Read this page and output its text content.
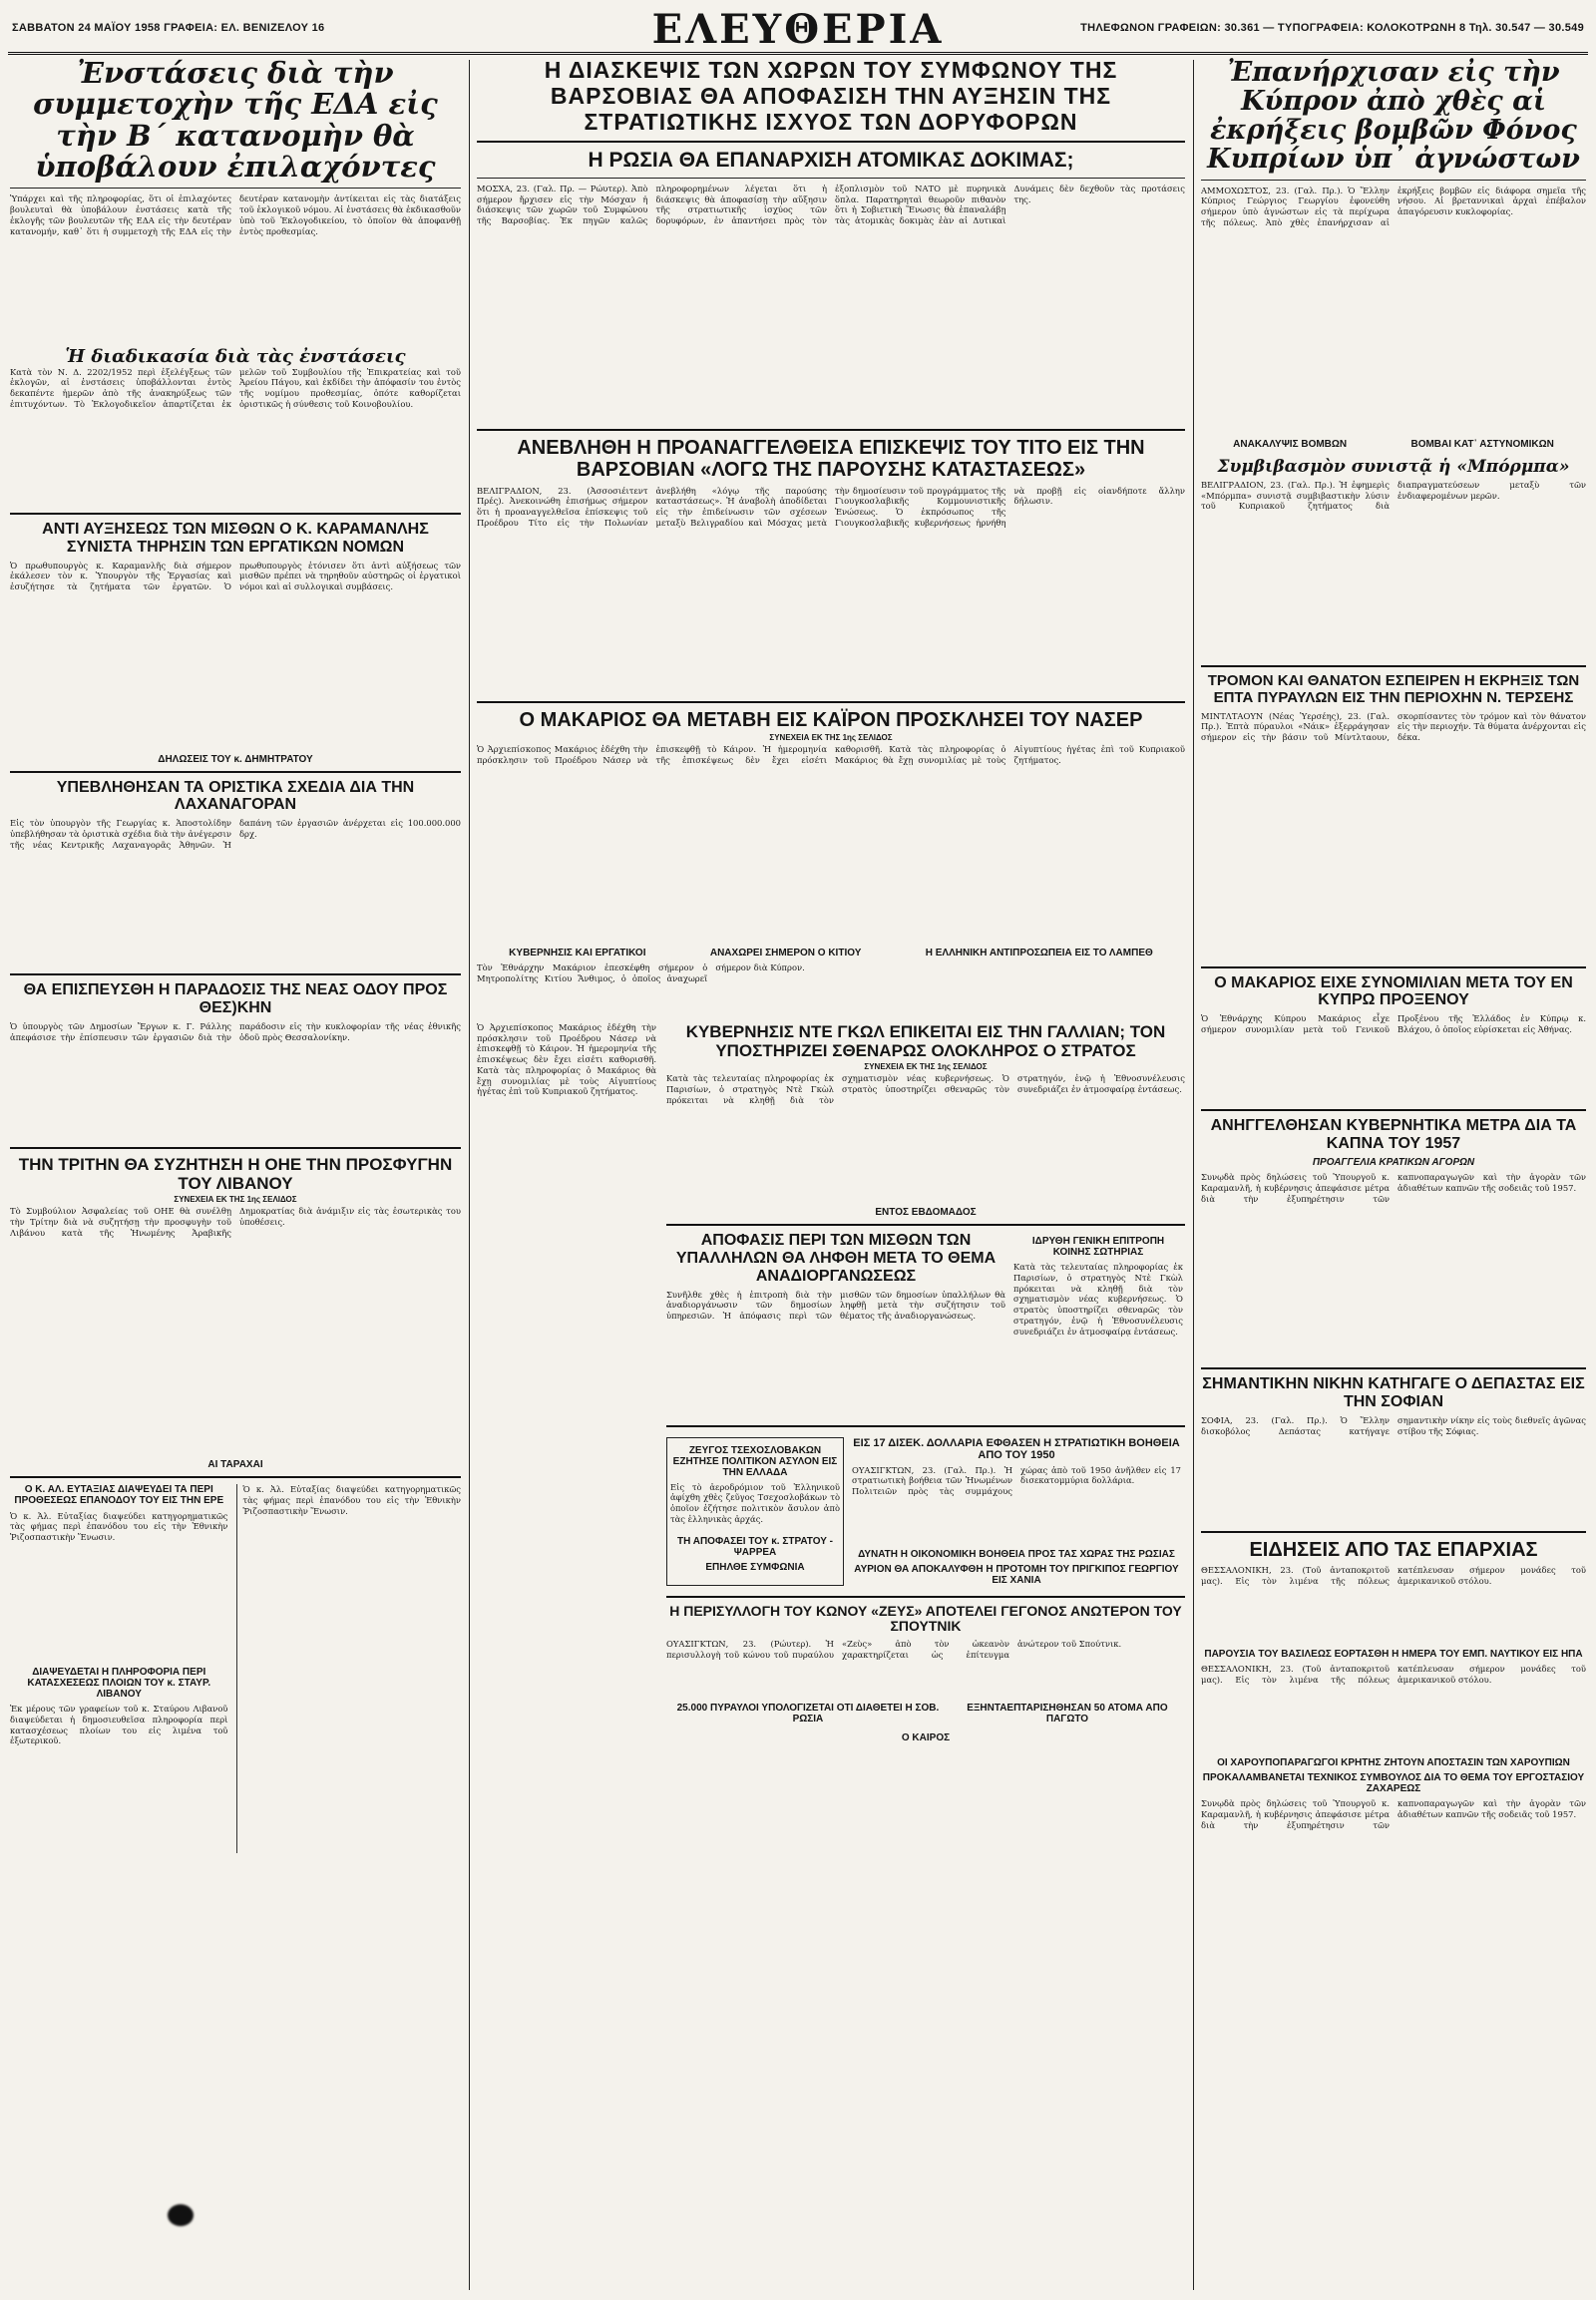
ΣΑΒΒΑΤΟΝ 24 ΜΑΪΟΥ 1958 ΓΡΑΦΕΙΑ: ΕΛ. ΒΕΝΙΖΕΛΟΥ 16	ΕΛΕΥΘΕΡΙΑ	ΤΗΛΕΦΩΝΟΝ ΓΡΑΦΕΙΩΝ: 30.361 — ΤΥΠΟΓΡΑΦΕΙΑ: ΚΟΛΟΚΟΤΡΩΝΗ 8 Τηλ. 30.547 — 30.549
Ἐνστάσεις διὰ τὴν συμμετοχὴν τῆς ΕΔΑ εἰς τὴν Β΄ κατανομὴν θὰ ὑποβάλουν ἐπιλαχόντες

Ὑπάρχει καὶ τῆς πληροφορίας, ὅτι οἱ ἐπιλαχόντες βουλευταὶ θὰ ὑποβάλουν ἐνστάσεις κατὰ τῆς ἐκλογῆς τῶν βουλευτῶν τῆς ΕΔΑ εἰς τὴν δευτέραν κατανομήν, καθ᾽ ὅτι ἡ συμμετοχὴ τῆς ΕΔΑ εἰς τὴν δευτέραν κατανομὴν ἀντίκειται εἰς τὰς διατάξεις τοῦ ἐκλογικοῦ νόμου. Αἱ ἐνστάσεις θὰ ἐκδικασθοῦν ὑπὸ τοῦ Ἐκλογοδικείου, τὸ ὁποῖον θὰ ἀποφανθῇ ἐντὸς προθεσμίας.

Ἡ διαδικασία διὰ τὰς ἐνστάσεις

Κατὰ τὸν Ν. Δ. 2202/1952 περὶ ἐξελέγξεως τῶν ἐκλογῶν, αἱ ἐνστάσεις ὑποβάλλονται ἐντὸς δεκαπέντε ἡμερῶν ἀπὸ τῆς ἀνακηρύξεως τῶν ἐπιτυχόντων. Τὸ Ἐκλογοδικεῖον ἀπαρτίζεται ἐκ μελῶν τοῦ Συμβουλίου τῆς Ἐπικρατείας καὶ τοῦ Ἀρείου Πάγου, καὶ ἐκδίδει τὴν ἀπόφασίν του ἐντὸς τῆς νομίμου προθεσμίας, ὁπότε καθορίζεται ὁριστικῶς ἡ σύνθεσις τοῦ Κοινοβουλίου.

ΑΝΤΙ ΑΥΞΗΣΕΩΣ ΤΩΝ ΜΙΣΘΩΝ Ο Κ. ΚΑΡΑΜΑΝΛΗΣ ΣΥΝΙΣΤΑ ΤΗΡΗΣΙΝ ΤΩΝ ΕΡΓΑΤΙΚΩΝ ΝΟΜΩΝ

Ὁ πρωθυπουργὸς κ. Καραμανλῆς διὰ σήμερον ἐκάλεσεν τὸν κ. Ὑπουργὸν τῆς Ἐργασίας καὶ ἐσυζήτησε τὰ ζητήματα τῶν ἐργατῶν. Ὁ πρωθυπουργὸς ἐτόνισεν ὅτι ἀντὶ αὐξήσεως τῶν μισθῶν πρέπει νὰ τηρηθοῦν αὐστηρῶς οἱ ἐργατικοὶ νόμοι καὶ αἱ συλλογικαὶ συμβάσεις.

ΔΗΛΩΣΕΙΣ ΤΟΥ κ. ΔΗΜΗΤΡΑΤΟΥ
ΥΠΕΒΛΗΘΗΣΑΝ ΤΑ ΟΡΙΣΤΙΚΑ ΣΧΕΔΙΑ ΔΙΑ ΤΗΝ ΛΑΧΑΝΑΓΟΡΑΝ

Εἰς τὸν ὑπουργὸν τῆς Γεωργίας κ. Ἀποστολίδην ὑπεβλήθησαν τὰ ὁριστικὰ σχέδια διὰ τὴν ἀνέγερσιν τῆς νέας Κεντρικῆς Λαχαναγορᾶς Ἀθηνῶν. Ἡ δαπάνη τῶν ἐργασιῶν ἀνέρχεται εἰς 100.000.000 δρχ.

ΘΑ ΕΠΙΣΠΕΥΣΘΗ Η ΠΑΡΑΔΟΣΙΣ ΤΗΣ ΝΕΑΣ ΟΔΟΥ ΠΡΟΣ ΘΕΣ)ΚΗΝ

Ὁ ὑπουργὸς τῶν Δημοσίων Ἔργων κ. Γ. Ράλλης ἀπεφάσισε τὴν ἐπίσπευσιν τῶν ἐργασιῶν διὰ τὴν παράδοσιν εἰς τὴν κυκλοφορίαν τῆς νέας ἐθνικῆς ὁδοῦ πρὸς Θεσσαλονίκην.

ΤΗΝ ΤΡΙΤΗΝ ΘΑ ΣΥΖΗΤΗΣΗ Η ΟΗΕ ΤΗΝ ΠΡΟΣΦΥΓΗΝ ΤΟΥ ΛΙΒΑΝΟΥ
ΣΥΝΕΧΕΙΑ ΕΚ ΤΗΣ 1ης ΣΕΛΙΔΟΣ

Τὸ Συμβούλιον Ἀσφαλείας τοῦ ΟΗΕ θὰ συνέλθῃ τὴν Τρίτην διὰ νὰ συζητήσῃ τὴν προσφυγὴν τοῦ Λιβάνου κατὰ τῆς Ἠνωμένης Ἀραβικῆς Δημοκρατίας διὰ ἀνάμιξιν εἰς τὰς ἐσωτερικὰς του ὑποθέσεις.

ΑΙ ΤΑΡΑΧΑΙ
Ο Κ. ΑΛ. ΕΥΤΑΞΙΑΣ ΔΙΑΨΕΥΔΕΙ ΤΑ ΠΕΡΙ ΠΡΟΘΕΣΕΩΣ ΕΠΑΝΟΔΟΥ ΤΟΥ ΕΙΣ ΤΗΝ ΕΡΕ

Ὁ κ. Ἀλ. Εὐταξίας διαψεύδει κατηγορηματικῶς τὰς φήμας περὶ ἐπανόδου του εἰς τὴν Ἐθνικὴν Ῥιζοσπαστικὴν Ἕνωσιν.

ΔΙΑΨΕΥΔΕΤΑΙ Η ΠΛΗΡΟΦΟΡΙΑ ΠΕΡΙ ΚΑΤΑΣΧΕΣΕΩΣ ΠΛΟΙΩΝ ΤΟΥ κ. ΣΤΑΥΡ. ΛΙΒΑΝΟΥ

Ἐκ μέρους τῶν γραφείων τοῦ κ. Σταύρου Λιβανοῦ διαψεύδεται ἡ δημοσιευθεῖσα πληροφορία περὶ κατασχέσεως πλοίων του εἰς λιμένα τοῦ ἐξωτερικοῦ.

Ὁ κ. Ἀλ. Εὐταξίας διαψεύδει κατηγορηματικῶς τὰς φήμας περὶ ἐπανόδου του εἰς τὴν Ἐθνικὴν Ῥιζοσπαστικὴν Ἕνωσιν.

Η ΔΙΑΣΚΕΨΙΣ ΤΩΝ ΧΩΡΩΝ ΤΟΥ ΣΥΜΦΩΝΟΥ ΤΗΣ ΒΑΡΣΟΒΙΑΣ ΘΑ ΑΠΟΦΑΣΙΣΗ ΤΗΝ ΑΥΞΗΣΙΝ ΤΗΣ ΣΤΡΑΤΙΩΤΙΚΗΣ ΙΣΧΥΟΣ ΤΩΝ ΔΟΡΥΦΟΡΩΝ
Η ΡΩΣΙΑ ΘΑ ΕΠΑΝΑΡΧΙΣΗ ΑΤΟΜΙΚΑΣ ΔΟΚΙΜΑΣ;

ΜΟΣΧΑ, 23. (Γαλ. Πρ. — Ρώυτερ). Ἀπὸ σήμερον ἤρχισεν εἰς τὴν Μόσχαν ἡ διάσκεψις τῶν χωρῶν τοῦ Συμφώνου τῆς Βαρσοβίας. Ἐκ πηγῶν καλῶς πληροφορημένων λέγεται ὅτι ἡ διάσκεψις θὰ ἀποφασίσῃ τὴν αὔξησιν τῆς στρατιωτικῆς ἰσχύος τῶν δορυφόρων, ἐν ἀπαντήσει πρὸς τὸν ἐξοπλισμὸν τοῦ ΝΑΤΟ μὲ πυρηνικὰ ὅπλα. Παρατηρηταὶ θεωροῦν πιθανὸν ὅτι ἡ Σοβιετικὴ Ἕνωσις θὰ ἐπαναλάβῃ τὰς ἀτομικὰς δοκιμὰς ἐὰν αἱ Δυτικαὶ Δυνάμεις δὲν δεχθοῦν τὰς προτάσεις της.

ΑΝΕΒΛΗΘΗ Η ΠΡΟΑΝΑΓΓΕΛΘΕΙΣΑ ΕΠΙΣΚΕΨΙΣ ΤΟΥ ΤΙΤΟ ΕΙΣ ΤΗΝ ΒΑΡΣΟΒΙΑΝ «ΛΟΓΩ ΤΗΣ ΠΑΡΟΥΣΗΣ ΚΑΤΑΣΤΑΣΕΩΣ»

ΒΕΛΙΓΡΑΔΙΟΝ, 23. (Ἀσσοσιέιτεντ Πρές). Ἀνεκοινώθη ἐπισήμως σήμερον ὅτι ἡ προαναγγελθεῖσα ἐπίσκεψις τοῦ Προέδρου Τίτο εἰς τὴν Πολωνίαν ἀνεβλήθη «λόγῳ τῆς παρούσης καταστάσεως». Ἡ ἀναβολὴ ἀποδίδεται εἰς τὴν ἐπιδείνωσιν τῶν σχέσεων μεταξὺ Βελιγραδίου καὶ Μόσχας μετὰ τὴν δημοσίευσιν τοῦ προγράμματος τῆς Γιουγκοσλαβικῆς Κομμουνιστικῆς Ἑνώσεως. Ὁ ἐκπρόσωπος τῆς Γιουγκοσλαβικῆς κυβερνήσεως ἠρνήθη νὰ προβῇ εἰς οἱανδήποτε ἄλλην δήλωσιν.

Ο ΜΑΚΑΡΙΟΣ ΘΑ ΜΕΤΑΒΗ ΕΙΣ ΚΑΪΡΟΝ ΠΡΟΣΚΛΗΣΕΙ ΤΟΥ ΝΑΣΕΡ
ΣΥΝΕΧΕΙΑ ΕΚ ΤΗΣ 1ης ΣΕΛΙΔΟΣ

Ὁ Ἀρχιεπίσκοπος Μακάριος ἐδέχθη τὴν πρόσκλησιν τοῦ Προέδρου Νάσερ νὰ ἐπισκεφθῇ τὸ Κάιρον. Ἡ ἡμερομηνία τῆς ἐπισκέψεως δὲν ἔχει εἰσέτι καθορισθῆ. Κατὰ τὰς πληροφορίας ὁ Μακάριος θὰ ἔχῃ συνομιλίας μὲ τοὺς Αἰγυπτίους ἡγέτας ἐπὶ τοῦ Κυπριακοῦ ζητήματος.

ΚΥΒΕΡΝΗΣΙΣ ΚΑΙ ΕΡΓΑΤΙΚΟΙ	ΑΝΑΧΩΡΕΙ ΣΗΜΕΡΟΝ Ο ΚΙΤΙΟΥ	Η ΕΛΛΗΝΙΚΗ ΑΝΤΙΠΡΟΣΩΠΕΙΑ ΕΙΣ ΤΟ ΛΑΜΠΕΘ

Τὸν Ἐθνάρχην Μακάριον ἐπεσκέφθη σήμερον ὁ Μητροπολίτης Κιτίου Ἄνθιμος, ὁ ὁποῖος ἀναχωρεῖ σήμερον διὰ Κύπρον.

Ὁ Ἀρχιεπίσκοπος Μακάριος ἐδέχθη τὴν πρόσκλησιν τοῦ Προέδρου Νάσερ νὰ ἐπισκεφθῇ τὸ Κάιρον. Ἡ ἡμερομηνία τῆς ἐπισκέψεως δὲν ἔχει εἰσέτι καθορισθῆ. Κατὰ τὰς πληροφορίας ὁ Μακάριος θὰ ἔχῃ συνομιλίας μὲ τοὺς Αἰγυπτίους ἡγέτας ἐπὶ τοῦ Κυπριακοῦ ζητήματος.

ΚΥΒΕΡΝΗΣΙΣ ΝΤΕ ΓΚΩΛ ΕΠΙΚΕΙΤΑΙ ΕΙΣ ΤΗΝ ΓΑΛΛΙΑΝ; ΤΟΝ ΥΠΟΣΤΗΡΙΖΕΙ ΣΘΕΝΑΡΩΣ ΟΛΟΚΛΗΡΟΣ Ο ΣΤΡΑΤΟΣ
ΣΥΝΕΧΕΙΑ ΕΚ ΤΗΣ 1ης ΣΕΛΙΔΟΣ

Κατὰ τὰς τελευταίας πληροφορίας ἐκ Παρισίων, ὁ στρατηγὸς Ντὲ Γκὼλ πρόκειται νὰ κληθῇ διὰ τὸν σχηματισμὸν νέας κυβερνήσεως. Ὁ στρατὸς ὑποστηρίζει σθεναρῶς τὸν στρατηγόν, ἐνῷ ἡ Ἐθνοσυνέλευσις συνεδριάζει ἐν ἀτμοσφαίρᾳ ἐντάσεως.

ΕΝΤΟΣ ΕΒΔΟΜΑΔΟΣ
ΑΠΟΦΑΣΙΣ ΠΕΡΙ ΤΩΝ ΜΙΣΘΩΝ ΤΩΝ ΥΠΑΛΛΗΛΩΝ ΘΑ ΛΗΦΘΗ ΜΕΤΑ ΤΟ ΘΕΜΑ ΑΝΑΔΙΟΡΓΑΝΩΣΕΩΣ

Συνῆλθε χθὲς ἡ ἐπιτροπὴ διὰ τὴν ἀναδιοργάνωσιν τῶν δημοσίων ὑπηρεσιῶν. Ἡ ἀπόφασις περὶ τῶν μισθῶν τῶν δημοσίων ὑπαλλήλων θὰ ληφθῇ μετὰ τὴν συζήτησιν τοῦ θέματος τῆς ἀναδιοργανώσεως.

ΙΔΡΥΘΗ ΓΕΝΙΚΗ ΕΠΙΤΡΟΠΗ ΚΟΙΝΗΣ ΣΩΤΗΡΙΑΣ

Κατὰ τὰς τελευταίας πληροφορίας ἐκ Παρισίων, ὁ στρατηγὸς Ντὲ Γκὼλ πρόκειται νὰ κληθῇ διὰ τὸν σχηματισμὸν νέας κυβερνήσεως. Ὁ στρατὸς ὑποστηρίζει σθεναρῶς τὸν στρατηγόν, ἐνῷ ἡ Ἐθνοσυνέλευσις συνεδριάζει ἐν ἀτμοσφαίρᾳ ἐντάσεως.

ΖΕΥΓΟΣ ΤΣΕΧΟΣΛΟΒΑΚΩΝ ΕΖΗΤΗΣΕ ΠΟΛΙΤΙΚΟΝ ΑΣΥΛΟΝ ΕΙΣ ΤΗΝ ΕΛΛΑΔΑ

Εἰς τὸ ἀεροδρόμιον τοῦ Ἑλληνικοῦ ἀφίχθη χθὲς ζεῦγος Τσεχοσλοβάκων τὸ ὁποῖον ἐζήτησε πολιτικὸν ἄσυλον ἀπὸ τὰς ἑλληνικὰς ἀρχάς.

ΤΗ ΑΠΟΦΑΣΕΙ ΤΟΥ κ. ΣΤΡΑΤΟΥ - ΨΑΡΡΕΑ
ΕΠΗΛΘΕ ΣΥΜΦΩΝΙΑ
ΕΙΣ 17 ΔΙΣΕΚ. ΔΟΛΛΑΡΙΑ ΕΦΘΑΣΕΝ Η ΣΤΡΑΤΙΩΤΙΚΗ ΒΟΗΘΕΙΑ ΑΠΟ ΤΟΥ 1950

ΟΥΑΣΙΓΚΤΩΝ, 23. (Γαλ. Πρ.). Ἡ στρατιωτικὴ βοήθεια τῶν Ἡνωμένων Πολιτειῶν πρὸς τὰς συμμάχους χώρας ἀπὸ τοῦ 1950 ἀνῆλθεν εἰς 17 δισεκατομμύρια δολλάρια.

ΔΥΝΑΤΗ Η ΟΙΚΟΝΟΜΙΚΗ ΒΟΗΘΕΙΑ ΠΡΟΣ ΤΑΣ ΧΩΡΑΣ ΤΗΣ ΡΩΣΙΑΣ
ΑΥΡΙΟΝ ΘΑ ΑΠΟΚΑΛΥΦΘΗ Η ΠΡΟΤΟΜΗ ΤΟΥ ΠΡΙΓΚΙΠΟΣ ΓΕΩΡΓΙΟΥ ΕΙΣ ΧΑΝΙΑ
Η ΠΕΡΙΣΥΛΛΟΓΗ ΤΟΥ ΚΩΝΟΥ «ΖΕΥΣ» ΑΠΟΤΕΛΕΙ ΓΕΓΟΝΟΣ ΑΝΩΤΕΡΟΝ ΤΟΥ ΣΠΟΥΤΝΙΚ

ΟΥΑΣΙΓΚΤΩΝ, 23. (Ρώυτερ). Ἡ περισυλλογὴ τοῦ κώνου τοῦ πυραύλου «Ζεὺς» ἀπὸ τὸν ὠκεανὸν χαρακτηρίζεται ὡς ἐπίτευγμα ἀνώτερον τοῦ Σπούτνικ.

25.000 ΠΥΡΑΥΛΟΙ ΥΠΟΛΟΓΙΖΕΤΑΙ ΟΤΙ ΔΙΑΘΕΤΕΙ Η ΣΟΒ. ΡΩΣΙΑ
ΕΞΗΝΤΑΕΠΤΑΡΙΣΗΘΗΣΑΝ 50 ΑΤΟΜΑ ΑΠΟ ΠΑΓΩΤΟ
Ο ΚΑΙΡΟΣ
Ἐπανήρχισαν εἰς τὴν Κύπρον ἀπὸ χθὲς αἱ ἐκρήξεις βομβῶν Φόνος Κυπρίων ὑπ᾽ ἀγνώστων

ΑΜΜΟΧΩΣΤΟΣ, 23. (Γαλ. Πρ.). Ὁ Ἕλλην Κύπριος Γεώργιος Γεωργίου ἐφονεύθη σήμερον ὑπὸ ἀγνώστων εἰς τὰ περίχωρα τῆς πόλεως. Ἀπὸ χθὲς ἐπανήρχισαν αἱ ἐκρήξεις βομβῶν εἰς διάφορα σημεῖα τῆς νήσου. Αἱ βρεταννικαὶ ἀρχαὶ ἐπέβαλον ἀπαγόρευσιν κυκλοφορίας.

ΑΝΑΚΑΛΥΨΙΣ ΒΟΜΒΩΝ	ΒΟΜΒΑΙ ΚΑΤ᾽ ΑΣΤΥΝΟΜΙΚΩΝ
Συμβιβασμὸν συνιστᾷ ἡ «Μπόρμπα»

ΒΕΛΙΓΡΑΔΙΟΝ, 23. (Γαλ. Πρ.). Ἡ ἐφημερὶς «Μπόρμπα» συνιστᾷ συμβιβαστικὴν λύσιν τοῦ Κυπριακοῦ ζητήματος διὰ διαπραγματεύσεων μεταξὺ τῶν ἐνδιαφερομένων μερῶν.

ΤΡΟΜΟΝ ΚΑΙ ΘΑΝΑΤΟΝ ΕΣΠΕΙΡΕΝ Η ΕΚΡΗΞΙΣ ΤΩΝ ΕΠΤΑ ΠΥΡΑΥΛΩΝ ΕΙΣ ΤΗΝ ΠΕΡΙΟΧΗΝ Ν. ΤΕΡΣΕΗΣ

ΜΙΝΤΛΤΑΟΥΝ (Νέας Ὑερσέης), 23. (Γαλ. Πρ.). Ἑπτὰ πύραυλοι «Νάικ» ἐξερράγησαν σήμερον εἰς τὴν βάσιν τοῦ Μίντλταουν, σκορπίσαντες τὸν τρόμον καὶ τὸν θάνατον εἰς τὴν περιοχήν. Τὰ θύματα ἀνέρχονται εἰς δέκα.

Ο ΜΑΚΑΡΙΟΣ ΕΙΧΕ ΣΥΝΟΜΙΛΙΑΝ ΜΕΤΑ ΤΟΥ ΕΝ ΚΥΠΡΩ ΠΡΟΞΕΝΟΥ

Ὁ Ἐθνάρχης Κύπρου Μακάριος εἶχε σήμερον συνομιλίαν μετὰ τοῦ Γενικοῦ Προξένου τῆς Ἑλλάδος ἐν Κύπρῳ κ. Βλάχου, ὁ ὁποῖος εὑρίσκεται εἰς Ἀθήνας.

ΑΝΗΓΓΕΛΘΗΣΑΝ ΚΥΒΕΡΝΗΤΙΚΑ ΜΕΤΡΑ ΔΙΑ ΤΑ ΚΑΠΝΑ ΤΟΥ 1957
ΠΡΟΑΓΓΕΛΙΑ ΚΡΑΤΙΚΩΝ ΑΓΟΡΩΝ

Συνῳδὰ πρὸς δηλώσεις τοῦ Ὑπουργοῦ κ. Καραμανλῆ, ἡ κυβέρνησις ἀπεφάσισε μέτρα διὰ τὴν ἐξυπηρέτησιν τῶν καπνοπαραγωγῶν καὶ τὴν ἀγορὰν τῶν ἀδιαθέτων καπνῶν τῆς σοδειᾶς τοῦ 1957.

ΣΗΜΑΝΤΙΚΗΝ ΝΙΚΗΝ ΚΑΤΗΓΑΓΕ Ο ΔΕΠΑΣΤΑΣ ΕΙΣ ΤΗΝ ΣΟΦΙΑΝ

ΣΟΦΙΑ, 23. (Γαλ. Πρ.). Ὁ Ἕλλην δισκοβόλος Δεπάστας κατήγαγε σημαντικὴν νίκην εἰς τοὺς διεθνεῖς ἀγῶνας στίβου τῆς Σόφιας.

ΕΙΔΗΣΕΙΣ ΑΠΟ ΤΑΣ ΕΠΑΡΧΙΑΣ

ΘΕΣΣΑΛΟΝΙΚΗ, 23. (Τοῦ ἀνταποκριτοῦ μας). Εἰς τὸν λιμένα τῆς πόλεως κατέπλευσαν σήμερον μονάδες τοῦ ἀμερικανικοῦ στόλου.

ΠΑΡΟΥΣΙΑ ΤΟΥ ΒΑΣΙΛΕΩΣ ΕΟΡΤΑΣΘΗ Η ΗΜΕΡΑ ΤΟΥ ΕΜΠ. ΝΑΥΤΙΚΟΥ ΕΙΣ ΗΠΑ

ΘΕΣΣΑΛΟΝΙΚΗ, 23. (Τοῦ ἀνταποκριτοῦ μας). Εἰς τὸν λιμένα τῆς πόλεως κατέπλευσαν σήμερον μονάδες τοῦ ἀμερικανικοῦ στόλου.

ΟΙ ΧΑΡΟΥΠΟΠΑΡΑΓΩΓΟΙ ΚΡΗΤΗΣ ΖΗΤΟΥΝ ΑΠΟΣΤΑΣΙΝ ΤΩΝ ΧΑΡΟΥΠΙΩΝ
ΠΡΟΚΑΛΑΜΒΑΝΕΤΑΙ ΤΕΧΝΙΚΟΣ ΣΥΜΒΟΥΛΟΣ ΔΙΑ ΤΟ ΘΕΜΑ ΤΟΥ ΕΡΓΟΣΤΑΣΙΟΥ ΖΑΧΑΡΕΩΣ

Συνῳδὰ πρὸς δηλώσεις τοῦ Ὑπουργοῦ κ. Καραμανλῆ, ἡ κυβέρνησις ἀπεφάσισε μέτρα διὰ τὴν ἐξυπηρέτησιν τῶν καπνοπαραγωγῶν καὶ τὴν ἀγορὰν τῶν ἀδιαθέτων καπνῶν τῆς σοδειᾶς τοῦ 1957.
